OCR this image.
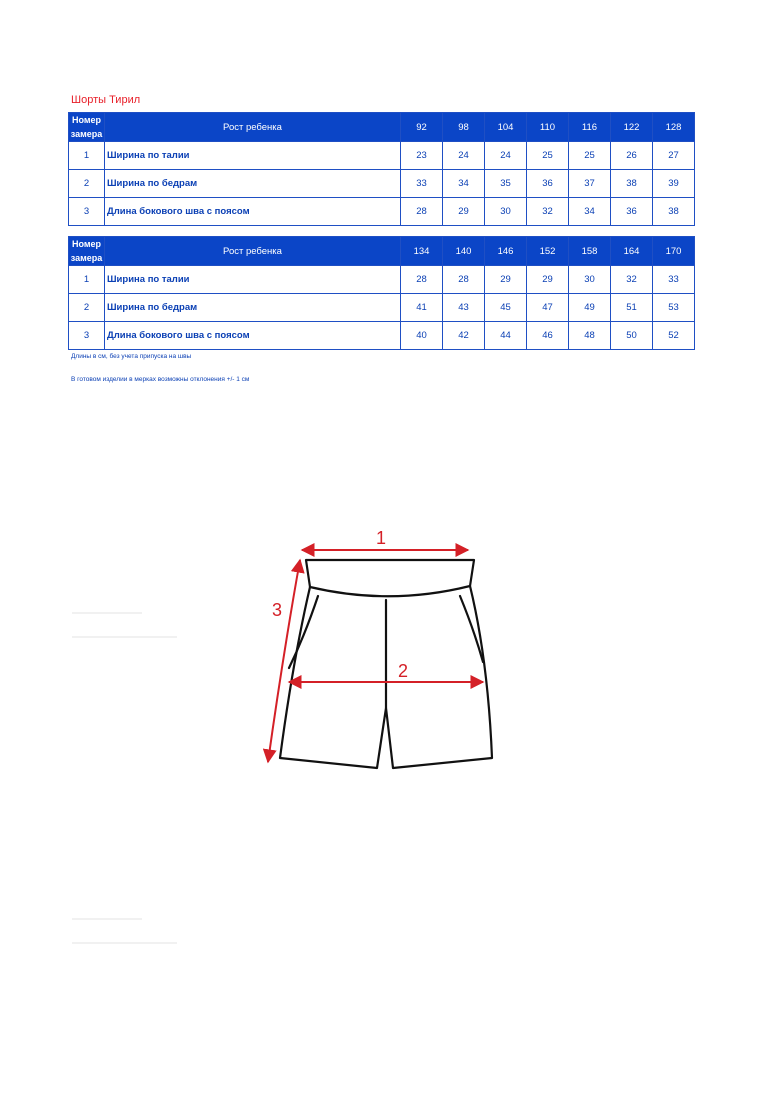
Шорты Тирил
Номер замера	Рост ребенка	92	98	104	110	116	122	128
1	Ширина по талии	23	24	24	25	25	26	27
2	Ширина по бедрам	33	34	35	36	37	38	39
3	Длина бокового шва с поясом	28	29	30	32	34	36	38
Номер замера	Рост ребенка	134	140	146	152	158	164	170
1	Ширина по талии	28	28	29	29	30	32	33
2	Ширина по бедрам	41	43	45	47	49	51	53
3	Длина бокового шва с поясом	40	42	44	46	48	50	52
Длины в см, без учета припуска на швы
В готовом изделии в мерках возможны отклонения +/- 1 см
1
2
3
